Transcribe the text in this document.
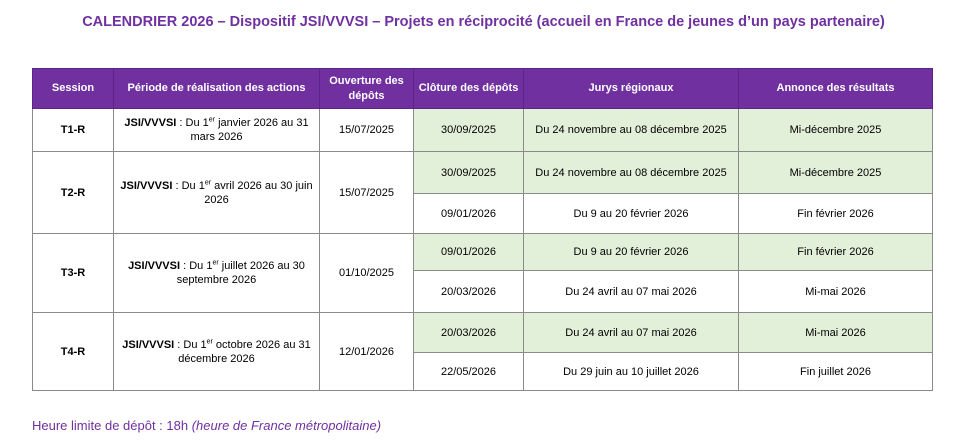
CALENDRIER 2026 – Dispositif JSI/VVVSI – Projets en réciprocité (accueil en France de jeunes d’un pays partenaire)
Session	Période de réalisation des actions	Ouverture des dépôts	Clôture des dépôts	Jurys régionaux	Annonce des résultats
T1-R	JSI/VVVSI : Du 1er janvier 2026 au 31 mars 2026	15/07/2025	30/09/2025	Du 24 novembre au 08 décembre 2025	Mi-décembre 2025
T2-R	JSI/VVVSI : Du 1er avril 2026 au 30 juin 2026	15/07/2025	30/09/2025	Du 24 novembre au 08 décembre 2025	Mi-décembre 2025
			09/01/2026	Du 9 au 20 février 2026	Fin février 2026
T3-R	JSI/VVVSI : Du 1er juillet 2026 au 30 septembre 2026	01/10/2025	09/01/2026	Du 9 au 20 février 2026	Fin février 2026
			20/03/2026	Du 24 avril au 07 mai 2026	Mi-mai 2026
T4-R	JSI/VVVSI : Du 1er octobre 2026 au 31 décembre 2026	12/01/2026	20/03/2026	Du 24 avril au 07 mai 2026	Mi-mai 2026
			22/05/2026	Du 29 juin au 10 juillet 2026	Fin juillet 2026
Heure limite de dépôt : 18h (heure de France métropolitaine)
